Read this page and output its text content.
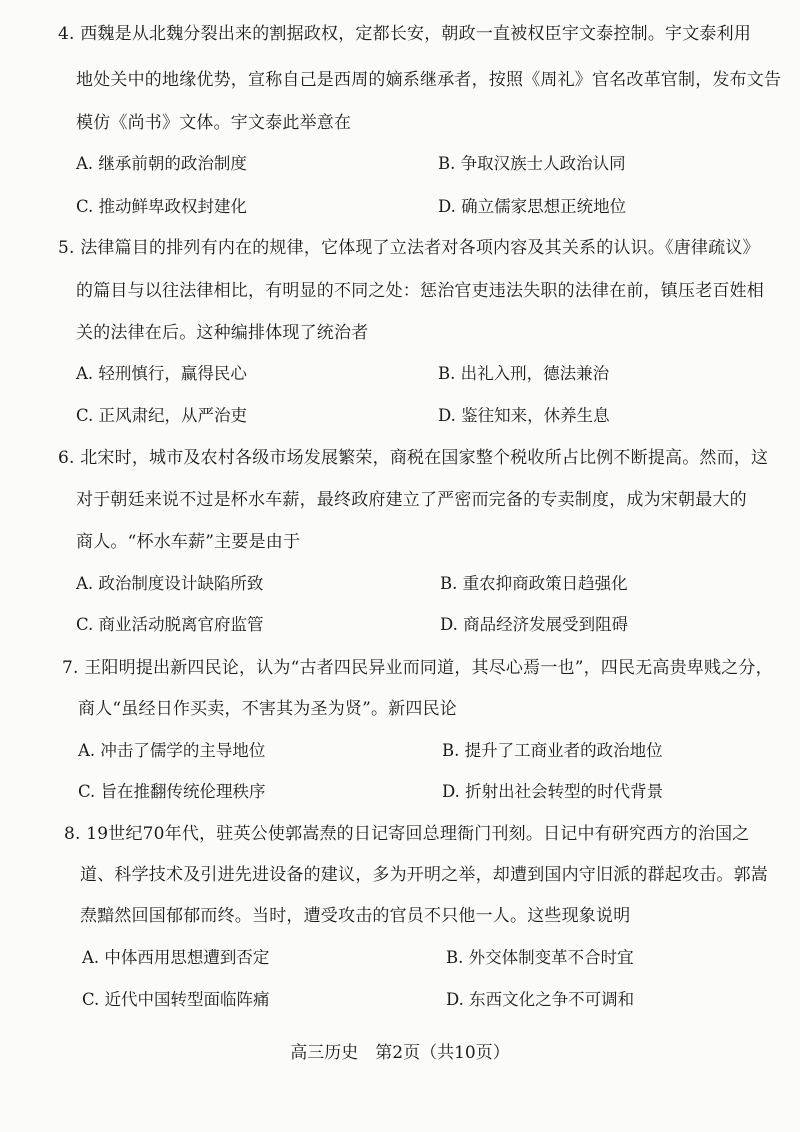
4. 西魏是从北魏分裂出来的割据政权，定都长安，朝政一直被权臣宇文泰控制。宇文泰利用
地处关中的地缘优势，宣称自己是西周的嫡系继承者，按照《周礼》官名改革官制，发布文告
模仿《尚书》文体。宇文泰此举意在
A. 继承前朝的政治制度	B. 争取汉族士人政治认同
C. 推动鲜卑政权封建化	D. 确立儒家思想正统地位
5. 法律篇目的排列有内在的规律，它体现了立法者对各项内容及其关系的认识。《唐律疏议》
的篇目与以往法律相比，有明显的不同之处：惩治官吏违法失职的法律在前，镇压老百姓相
关的法律在后。这种编排体现了统治者
A. 轻刑慎行，赢得民心	B. 出礼入刑，德法兼治
C. 正风肃纪，从严治吏	D. 鉴往知来，休养生息
6. 北宋时，城市及农村各级市场发展繁荣，商税在国家整个税收所占比例不断提高。然而，这
对于朝廷来说不过是杯水车薪，最终政府建立了严密而完备的专卖制度，成为宋朝最大的
商人。“杯水车薪”主要是由于
A. 政治制度设计缺陷所致	B. 重农抑商政策日趋强化
C. 商业活动脱离官府监管	D. 商品经济发展受到阻碍
7. 王阳明提出新四民论，认为“古者四民异业而同道，其尽心焉一也”，四民无高贵卑贱之分，
商人“虽经日作买卖，不害其为圣为贤”。新四民论
A. 冲击了儒学的主导地位	B. 提升了工商业者的政治地位
C. 旨在推翻传统伦理秩序	D. 折射出社会转型的时代背景
8. 19世纪70年代，驻英公使郭嵩焘的日记寄回总理衙门刊刻。日记中有研究西方的治国之
道、科学技术及引进先进设备的建议，多为开明之举，却遭到国内守旧派的群起攻击。郭嵩
焘黯然回国郁郁而终。当时，遭受攻击的官员不只他一人。这些现象说明
A. 中体西用思想遭到否定	B. 外交体制变革不合时宜
C. 近代中国转型面临阵痛	D. 东西文化之争不可调和
高三历史　第2页（共10页）
